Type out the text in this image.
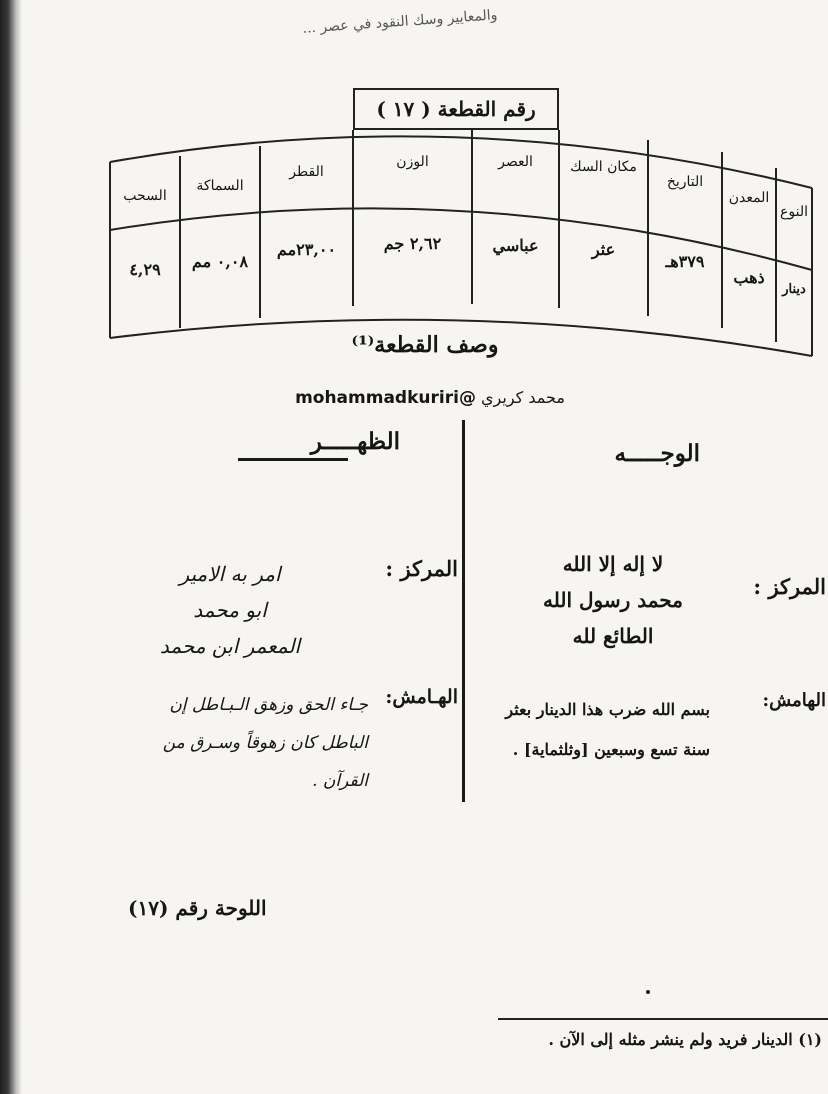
والمعايير وسك النقود في عصر ...
رقم القطعة ( ١٧ )
النوع
المعدن
التاريخ
مكان السك
العصر
الوزن
القطر
السماكة
السحب
دينار
ذهب
٣٧٩هـ
عثر
عباسي
٢,٦٢ جم
٢٣,٠٠مم
٠,٠٨ مم
٤,٢٩
وصف القطعة⁽¹⁾
محمد كريري @mohammadkuriri
الوجـــــه
الظهـــــر
المركز :
لا إله إلا الله
محمد رسول الله
الطائع لله
الهامش:
بسم الله ضرب هذا الدينار بعثر سنة تسع وسبعين [وثلثماية] .
المركز :
امر به الامير
ابو محمد
المعمر ابن محمد
الهـامش:
جـاء الحق وزهق الـبـاطل إن
الباطل كان زهوقاً وسـرق من
القرآن .
اللوحة رقم (١٧)
(١) الدينار فريد ولم ينشر مثله إلى الآن .
